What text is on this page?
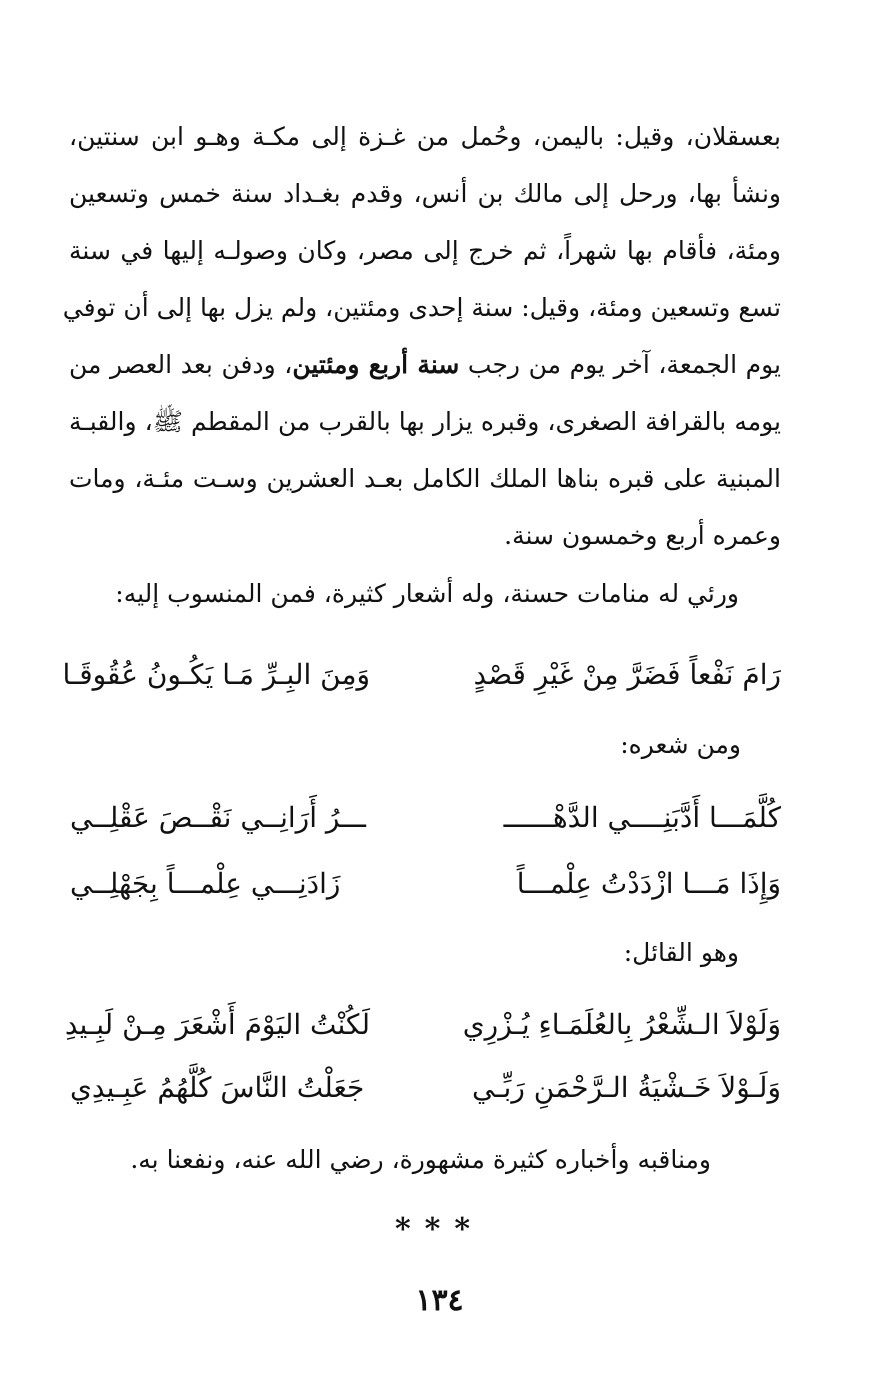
بعسقلان، وقيل: باليمن، وحُمل من غـزة إلى مكـة وهـو ابن سنتين،
ونشأ بها، ورحل إلى مالك بن أنس، وقدم بغـداد سنة خمس وتسعين
ومئة، فأقام بها شهراً، ثم خرج إلى مصر، وكان وصولـه إليها في سنة
تسع وتسعين ومئة، وقيل: سنة إحدى ومئتين، ولم يزل بها إلى أن توفي
يوم الجمعة، آخر يوم من رجب سنة أربع ومئتين، ودفن بعد العصر من
يومه بالقرافة الصغرى، وقبره يزار بها بالقرب من المقطم ﷺ، والقبـة
المبنية على قبره بناها الملك الكامل بعـد العشرين وسـت مئـة، ومات
وعمره أربع وخمسون سنة.
ورئي له منامات حسنة، وله أشعار كثيرة، فمن المنسوب إليه:
رَامَ نَفْعاً فَضَرَّ مِنْ غَيْرِ قَصْدٍ
وَمِنَ البِـرِّ مَـا يَكُـونُ عُقُوقَـا
ومن شعره:
كُلَّمَـــا أَدَّبَنِــــي الدَّهْــــــ
ـــرُ أَرَانِــي نَقْــصَ عَقْلِــي
وَإِذَا مَـــا ازْدَدْتُ عِلْمـــاً
زَادَنِـــي عِلْمـــاً بِجَهْلِــي
وهو القائل:
وَلَوْلاَ الـشِّعْرُ بِالعُلَمَـاءِ يُـزْرِي
لَكُنْتُ اليَوْمَ أَشْعَرَ مِـنْ لَبِـيدِ
وَلَـوْلاَ خَـشْيَةُ الـرَّحْمَنِ رَبِّـي
جَعَلْتُ النَّاسَ كُلَّهُمُ عَبِـيدِي
ومناقبه وأخباره كثيرة مشهورة، رضي الله عنه، ونفعنا به.
***
١٣٤
